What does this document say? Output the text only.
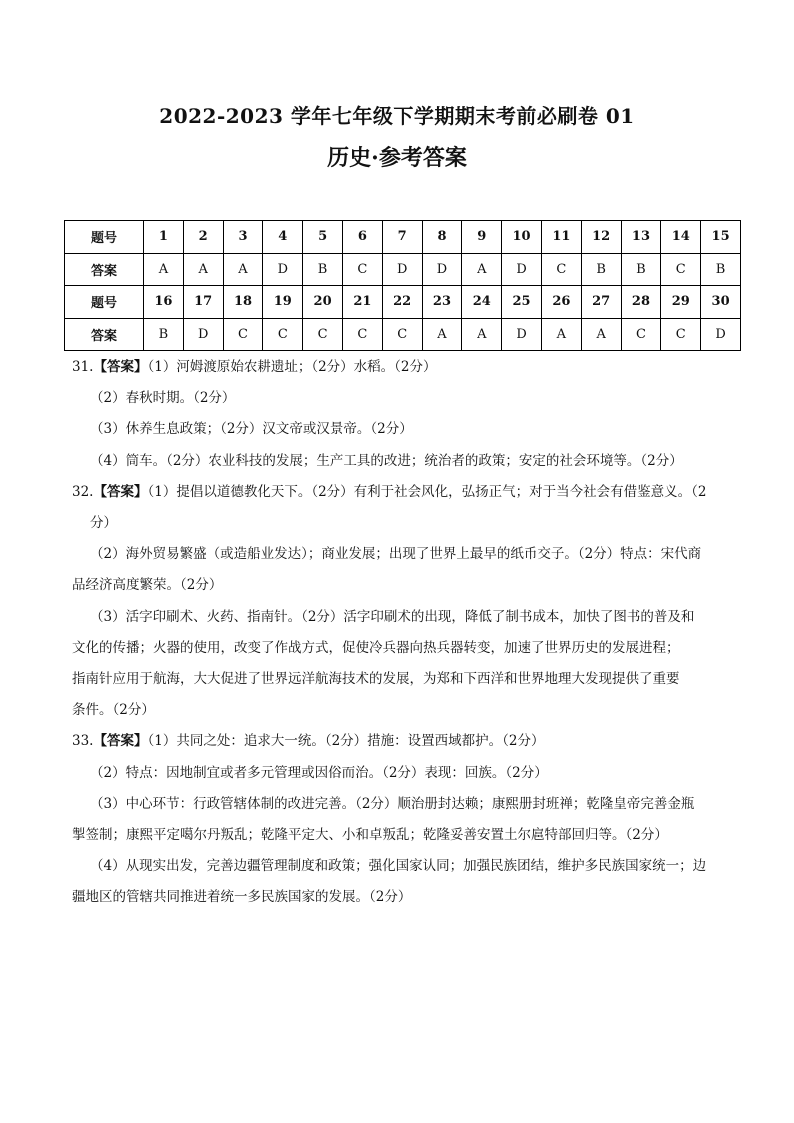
2022-2023 学年七年级下学期期末考前必刷卷 01
历史·参考答案
题号	1	2	3	4	5	6	7	8	9	10	11	12	13	14	15
答案	A	A	A	D	B	C	D	D	A	D	C	B	B	C	B
题号	16	17	18	19	20	21	22	23	24	25	26	27	28	29	30
答案	B	D	C	C	C	C	C	A	A	D	A	A	C	C	D

31.【答案】（1）河姆渡原始农耕遗址；（2分）水稻。（2分）

（2）春秋时期。（2分）

（3）休养生息政策；（2分）汉文帝或汉景帝。（2分）

（4）筒车。（2分）农业科技的发展；生产工具的改进；统治者的政策；安定的社会环境等。（2分）

32.【答案】（1）提倡以道德教化天下。（2分）有利于社会风化，弘扬正气；对于当今社会有借鉴意义。（2

分）

（2）海外贸易繁盛（或造船业发达）；商业发展；出现了世界上最早的纸币交子。（2分）特点：宋代商

品经济高度繁荣。（2分）

（3）活字印刷术、火药、指南针。（2分）活字印刷术的出现，降低了制书成本，加快了图书的普及和

文化的传播；火器的使用，改变了作战方式，促使冷兵器向热兵器转变，加速了世界历史的发展进程；

指南针应用于航海，大大促进了世界远洋航海技术的发展，为郑和下西洋和世界地理大发现提供了重要

条件。（2分）

33.【答案】（1）共同之处：追求大一统。（2分）措施：设置西域都护。（2分）

（2）特点：因地制宜或者多元管理或因俗而治。（2分）表现：回族。（2分）

（3）中心环节：行政管辖体制的改进完善。（2分）顺治册封达赖；康熙册封班禅；乾隆皇帝完善金瓶

掣签制；康熙平定噶尔丹叛乱；乾隆平定大、小和卓叛乱；乾隆妥善安置土尔扈特部回归等。（2分）

（4）从现实出发，完善边疆管理制度和政策；强化国家认同；加强民族团结，维护多民族国家统一；边

疆地区的管辖共同推进着统一多民族国家的发展。（2分）
